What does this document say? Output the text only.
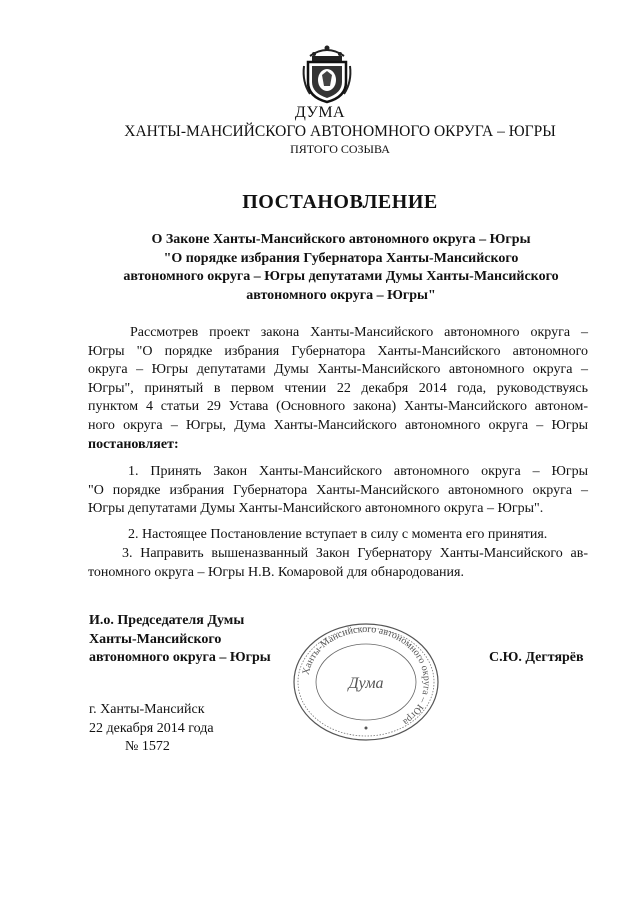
ДУМА
ХАНТЫ-МАНСИЙСКОГО АВТОНОМНОГО ОКРУГА – ЮГРЫ
ПЯТОГО СОЗЫВА
ПОСТАНОВЛЕНИЕ
О Законе Ханты-Мансийского автономного округа – Югры
"О порядке избрания Губернатора Ханты-Мансийского
автономного округа – Югры депутатами Думы Ханты-Мансийского
автономного округа – Югры"
Рассмотрев проект закона Ханты-Мансийского автономного округа –
Югры "О порядке избрания Губернатора Ханты-Мансийского автономного
округа – Югры депутатами Думы Ханты-Мансийского автономного округа –
Югры", принятый в первом чтении 22 декабря 2014 года, руководствуясь
пунктом 4 статьи 29 Устава (Основного закона) Ханты-Мансийского автоном-
ного округа – Югры, Дума Ханты-Мансийского автономного округа – Югры
постановляет:
1. Принять Закон Ханты-Мансийского автономного округа – Югры
"О порядке избрания Губернатора Ханты-Мансийского автономного округа –
Югры депутатами Думы Ханты-Мансийского автономного округа – Югры".
2. Настоящее Постановление вступает в силу с момента его принятия.
3. Направить вышеназванный Закон Губернатору Ханты-Мансийского ав-
тономного округа – Югры Н.В. Комаровой для обнародования.
И.о. Председателя Думы
Ханты-Мансийского
автономного округа – Югры
Ханты-Мансийского автономного округа – Югра
Дума
С.Ю. Дегтярёв
г. Ханты-Мансийск
22 декабря 2014 года
№ 1572
